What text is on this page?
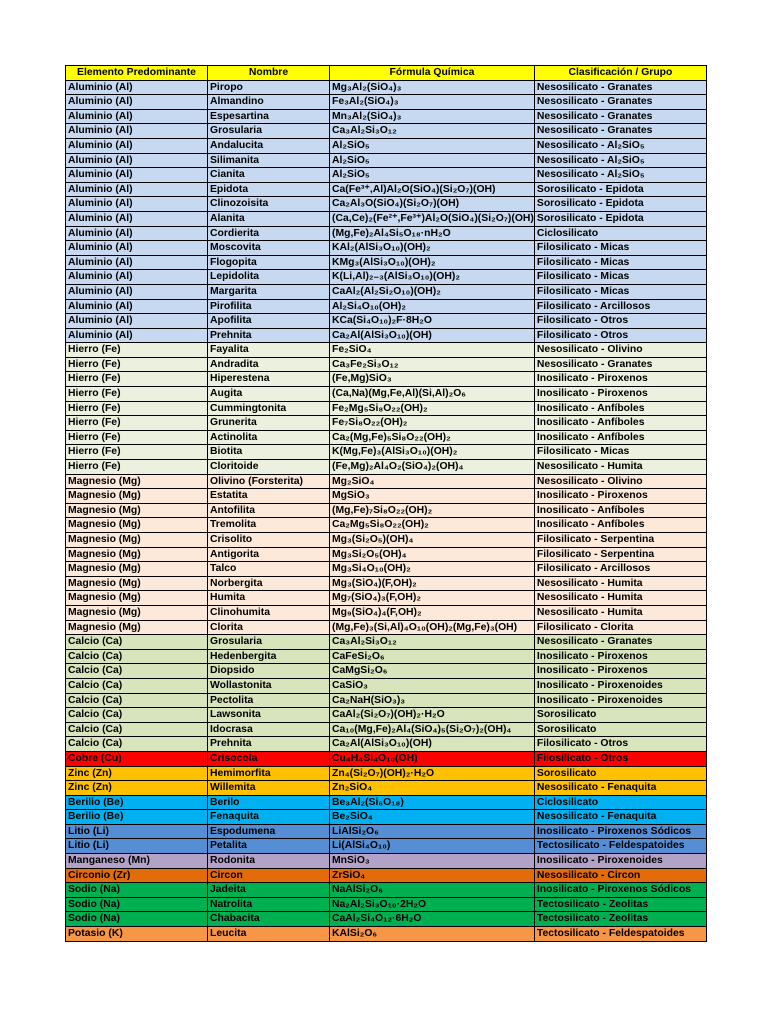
Elemento Predominante	Nombre	Fórmula Química	Clasificación / Grupo
Aluminio (Al)	Piropo	Mg₃Al₂(SiO₄)₃	Nesosilicato - Granates
Aluminio (Al)	Almandino	Fe₃Al₂(SiO₄)₃	Nesosilicato - Granates
Aluminio (Al)	Espesartina	Mn₃Al₂(SiO₄)₃	Nesosilicato - Granates
Aluminio (Al)	Grosularia	Ca₃Al₂Si₃O₁₂	Nesosilicato - Granates
Aluminio (Al)	Andalucita	Al₂SiO₅	Nesosilicato - Al₂SiO₅
Aluminio (Al)	Silimanita	Al₂SiO₅	Nesosilicato - Al₂SiO₅
Aluminio (Al)	Cianita	Al₂SiO₅	Nesosilicato - Al₂SiO₅
Aluminio (Al)	Epidota	Ca(Fe³⁺,Al)Al₂O(SiO₄)(Si₂O₇)(OH)	Sorosilicato - Epidota
Aluminio (Al)	Clinozoisita	Ca₂Al₃O(SiO₄)(Si₂O₇)(OH)	Sorosilicato - Epidota
Aluminio (Al)	Alanita	(Ca,Ce)₂(Fe²⁺,Fe³⁺)Al₂O(SiO₄)(Si₂O₇)(OH)	Sorosilicato - Epidota
Aluminio (Al)	Cordierita	(Mg,Fe)₂Al₄Si₅O₁₈·nH₂O	Ciclosilicato
Aluminio (Al)	Moscovita	KAl₂(AlSi₃O₁₀)(OH)₂	Filosilicato - Micas
Aluminio (Al)	Flogopita	KMg₃(AlSi₃O₁₀)(OH)₂	Filosilicato - Micas
Aluminio (Al)	Lepidolita	K(Li,Al)₂₋₃(AlSi₃O₁₀)(OH)₂	Filosilicato - Micas
Aluminio (Al)	Margarita	CaAl₂(Al₂Si₂O₁₀)(OH)₂	Filosilicato - Micas
Aluminio (Al)	Pirofilita	Al₂Si₄O₁₀(OH)₂	Filosilicato - Arcillosos
Aluminio (Al)	Apofilita	KCa(Si₄O₁₀)₂F·8H₂O	Filosilicato - Otros
Aluminio (Al)	Prehnita	Ca₂Al(AlSi₃O₁₀)(OH)	Filosilicato - Otros
Hierro (Fe)	Fayalita	Fe₂SiO₄	Nesosilicato - Olivino
Hierro (Fe)	Andradita	Ca₃Fe₂Si₃O₁₂	Nesosilicato - Granates
Hierro (Fe)	Hiperestena	(Fe,Mg)SiO₃	Inosilicato - Piroxenos
Hierro (Fe)	Augita	(Ca,Na)(Mg,Fe,Al)(Si,Al)₂O₆	Inosilicato - Piroxenos
Hierro (Fe)	Cummingtonita	Fe₂Mg₅Si₈O₂₂(OH)₂	Inosilicato - Anfíboles
Hierro (Fe)	Grunerita	Fe₇Si₈O₂₂(OH)₂	Inosilicato - Anfíboles
Hierro (Fe)	Actinolita	Ca₂(Mg,Fe)₅Si₈O₂₂(OH)₂	Inosilicato - Anfíboles
Hierro (Fe)	Biotita	K(Mg,Fe)₃(AlSi₃O₁₀)(OH)₂	Filosilicato - Micas
Hierro (Fe)	Cloritoide	(Fe,Mg)₂Al₄O₂(SiO₄)₂(OH)₄	Nesosilicato - Humita
Magnesio (Mg)	Olivino (Forsterita)	Mg₂SiO₄	Nesosilicato - Olivino
Magnesio (Mg)	Estatita	MgSiO₃	Inosilicato - Piroxenos
Magnesio (Mg)	Antofilita	(Mg,Fe)₇Si₈O₂₂(OH)₂	Inosilicato - Anfíboles
Magnesio (Mg)	Tremolita	Ca₂Mg₅Si₈O₂₂(OH)₂	Inosilicato - Anfíboles
Magnesio (Mg)	Crisolito	Mg₃(Si₂O₅)(OH)₄	Filosilicato - Serpentina
Magnesio (Mg)	Antigorita	Mg₃Si₂O₅(OH)₄	Filosilicato - Serpentina
Magnesio (Mg)	Talco	Mg₃Si₄O₁₀(OH)₂	Filosilicato - Arcillosos
Magnesio (Mg)	Norbergita	Mg₃(SiO₄)(F,OH)₂	Nesosilicato - Humita
Magnesio (Mg)	Humita	Mg₇(SiO₄)₃(F,OH)₂	Nesosilicato - Humita
Magnesio (Mg)	Clinohumita	Mg₉(SiO₄)₄(F,OH)₂	Nesosilicato - Humita
Magnesio (Mg)	Clorita	(Mg,Fe)₃(Si,Al)₄O₁₀(OH)₂(Mg,Fe)₃(OH)	Filosilicato - Clorita
Calcio (Ca)	Grosularia	Ca₃Al₂Si₃O₁₂	Nesosilicato - Granates
Calcio (Ca)	Hedenbergita	CaFeSi₂O₆	Inosilicato - Piroxenos
Calcio (Ca)	Diopsido	CaMgSi₂O₆	Inosilicato - Piroxenos
Calcio (Ca)	Wollastonita	CaSiO₃	Inosilicato - Piroxenoides
Calcio (Ca)	Pectolita	Ca₂NaH(SiO₃)₃	Inosilicato - Piroxenoides
Calcio (Ca)	Lawsonita	CaAl₂(Si₂O₇)(OH)₂·H₂O	Sorosilicato
Calcio (Ca)	Idocrasa	Ca₁₀(Mg,Fe)₂Al₄(SiO₄)₅(Si₂O₇)₂(OH)₄	Sorosilicato
Calcio (Ca)	Prehnita	Ca₂Al(AlSi₃O₁₀)(OH)	Filosilicato - Otros
Cobre (Cu)	Crisocola	Cu₄H₄Si₄O₁₀(OH)	Filosilicato - Otros
Zinc (Zn)	Hemimorfita	Zn₄(Si₂O₇)(OH)₂·H₂O	Sorosilicato
Zinc (Zn)	Willemita	Zn₂SiO₄	Nesosilicato - Fenaquita
Berilio (Be)	Berilo	Be₃Al₂(Si₆O₁₈)	Ciclosilicato
Berilio (Be)	Fenaquita	Be₂SiO₄	Nesosilicato - Fenaquita
Litio (Li)	Espodumena	LiAlSi₂O₆	Inosilicato - Piroxenos Sódicos
Litio (Li)	Petalita	Li(AlSi₄O₁₀)	Tectosilicato - Feldespatoides
Manganeso (Mn)	Rodonita	MnSiO₃	Inosilicato - Piroxenoides
Circonio (Zr)	Circon	ZrSiO₄	Nesosilicato - Circon
Sodio (Na)	Jadeita	NaAlSi₂O₆	Inosilicato - Piroxenos Sódicos
Sodio (Na)	Natrolita	Na₂Al₂Si₃O₁₀·2H₂O	Tectosilicato - Zeolitas
Sodio (Na)	Chabacita	CaAl₂Si₄O₁₂·6H₂O	Tectosilicato - Zeolitas
Potasio (K)	Leucita	KAlSi₂O₆	Tectosilicato - Feldespatoides
